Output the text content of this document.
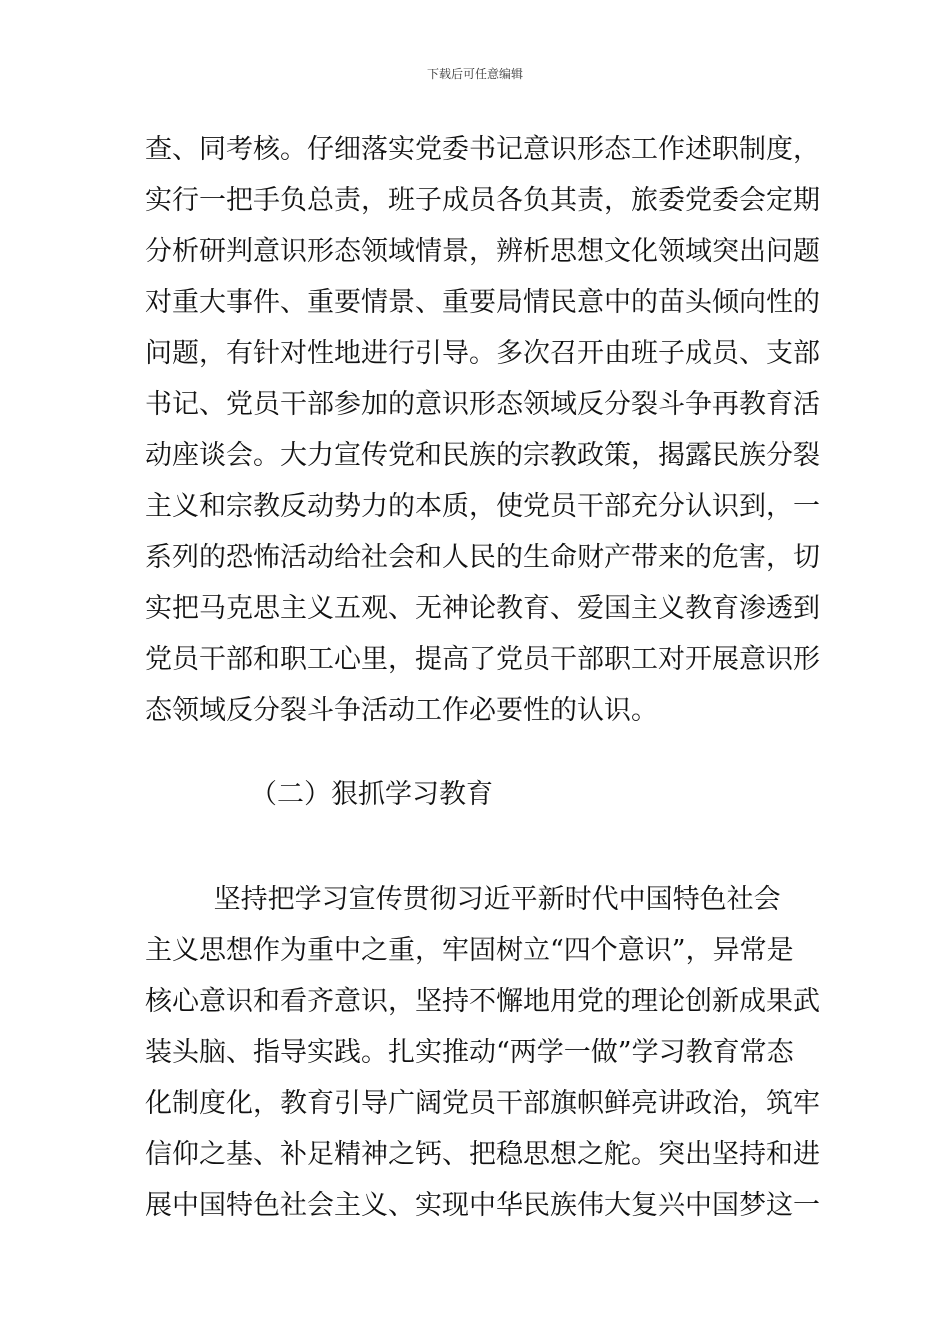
下载后可任意编辑
查、同考核。仔细落实党委书记意识形态工作述职制度，
实行一把手负总责，班子成员各负其责，旅委党委会定期
分析研判意识形态领域情景，辨析思想文化领域突出问题
对重大事件、重要情景、重要局情民意中的苗头倾向性的
问题，有针对性地进行引导。多次召开由班子成员、支部
书记、党员干部参加的意识形态领域反分裂斗争再教育活
动座谈会。大力宣传党和民族的宗教政策，揭露民族分裂
主义和宗教反动势力的本质，使党员干部充分认识到，一
系列的恐怖活动给社会和人民的生命财产带来的危害，切
实把马克思主义五观、无神论教育、爱国主义教育渗透到
党员干部和职工心里，提高了党员干部职工对开展意识形
态领域反分裂斗争活动工作必要性的认识。
（二）狠抓学习教育
坚持把学习宣传贯彻习近平新时代中国特色社会
主义思想作为重中之重，牢固树立“四个意识”，异常是
核心意识和看齐意识，坚持不懈地用党的理论创新成果武
装头脑、指导实践。扎实推动“两学一做”学习教育常态
化制度化，教育引导广阔党员干部旗帜鲜亮讲政治，筑牢
信仰之基、补足精神之钙、把稳思想之舵。突出坚持和进
展中国特色社会主义、实现中华民族伟大复兴中国梦这一
